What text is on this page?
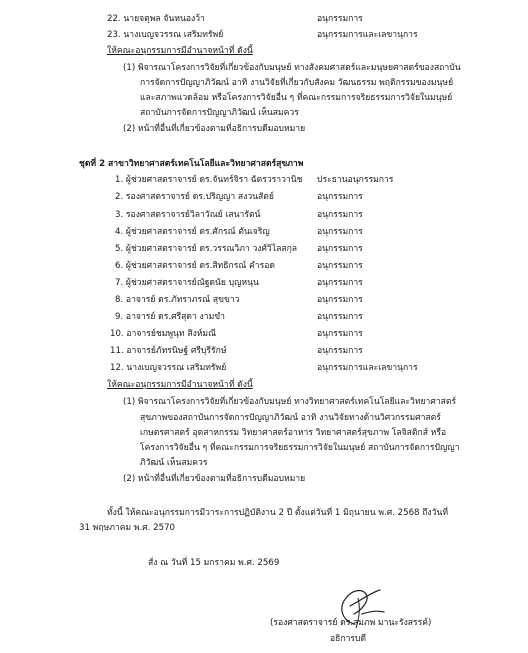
22. นายจตุพล จันหนองว้า	อนุกรรมการ
23. นางเบญจวรรณ เสริมทรัพย์	อนุกรรมการและเลขานุการ
ให้คณะอนุกรรมการมีอำนาจหน้าที่ ดังนี้
(1) พิจารณาโครงการวิจัยที่เกี่ยวข้องกับมนุษย์ ทางสังคมศาสตร์และมนุษยศาสตร์ของสถาบัน
การจัดการปัญญาภิวัฒน์ อาทิ งานวิจัยที่เกี่ยวกับสังคม วัฒนธรรม พฤติกรรมของมนุษย์
และสภาพแวดล้อม หรือโครงการวิจัยอื่น ๆ ที่คณะกรรมการจริยธรรมการวิจัยในมนุษย์
สถาบันการจัดการปัญญาภิวัฒน์ เห็นสมควร
(2) หน้าที่อื่นที่เกี่ยวข้องตามที่อธิการบดีมอบหมาย
ชุดที่ 2 สาขาวิทยาศาสตร์เทคโนโลยีและวิทยาศาสตร์สุขภาพ
1. ผู้ช่วยศาสตราจารย์ ดร.จันทร์จิรา ฉัตรวราวานิช ประธานอนุกรรมการ
2. รองศาสตราจารย์ ดร.ปริญญา สงวนสัตย์	อนุกรรมการ
3. รองศาสตราจารย์วิลาวัณย์ เสนารัตน์	อนุกรรมการ
4. ผู้ช่วยศาสตราจารย์ ดร.ศักรณ์ ตันเจริญ	อนุกรรมการ
5. ผู้ช่วยศาสตราจารย์ ดร.วรรณวิภา วงศ์วิไลสกุล อนุกรรมการ
6. ผู้ช่วยศาสตราจารย์ ดร.สิทธิกรณ์ คำรอด	อนุกรรมการ
7. ผู้ช่วยศาสตราจารย์ณัฐดนัย บุญหนุน	อนุกรรมการ
8. อาจารย์ ดร.ภัทราภรณ์ สุขขาว	อนุกรรมการ
9. อาจารย์ ดร.ศรีสุดา งามขำ	อนุกรรมการ
10. อาจารย์ชมพูนุท สิงห์มณี	อนุกรรมการ
11. อาจารย์ภัทรนิษฐ์ ศรีบุรีรักษ์	อนุกรรมการ
12. นางเบญจวรรณ เสริมทรัพย์	อนุกรรมการและเลขานุการ
ให้คณะอนุกรรมการมีอำนาจหน้าที่ ดังนี้
(1) พิจารณาโครงการวิจัยที่เกี่ยวข้องกับมนุษย์ ทางวิทยาศาสตร์เทคโนโลยีและวิทยาศาสตร์
สุขภาพของสถาบันการจัดการปัญญาภิวัฒน์ อาทิ งานวิจัยทางด้านวิศวกรรมศาสตร์
เกษตรศาสตร์ อุตสาหกรรม วิทยาศาสตร์อาหาร วิทยาศาสตร์สุขภาพ โลจิสติกส์ หรือ
โครงการวิจัยอื่น ๆ ที่คณะกรรมการจริยธรรมการวิจัยในมนุษย์ สถาบันการจัดการปัญญา
ภิวัฒน์ เห็นสมควร
(2) หน้าที่อื่นที่เกี่ยวข้องตามที่อธิการบดีมอบหมาย
ทั้งนี้ ให้คณะอนุกรรมการมีวาระการปฏิบัติงาน 2 ปี ตั้งแต่วันที่ 1 มิถุนายน พ.ศ. 2568 ถึงวันที่
31 พฤษภาคม พ.ศ. 2570
สั่ง ณ วันที่ 15 มกราคม พ.ศ. 2569
(รองศาสตราจารย์ ดร.สมภพ มานะรังสรรค์)
อธิการบดี
